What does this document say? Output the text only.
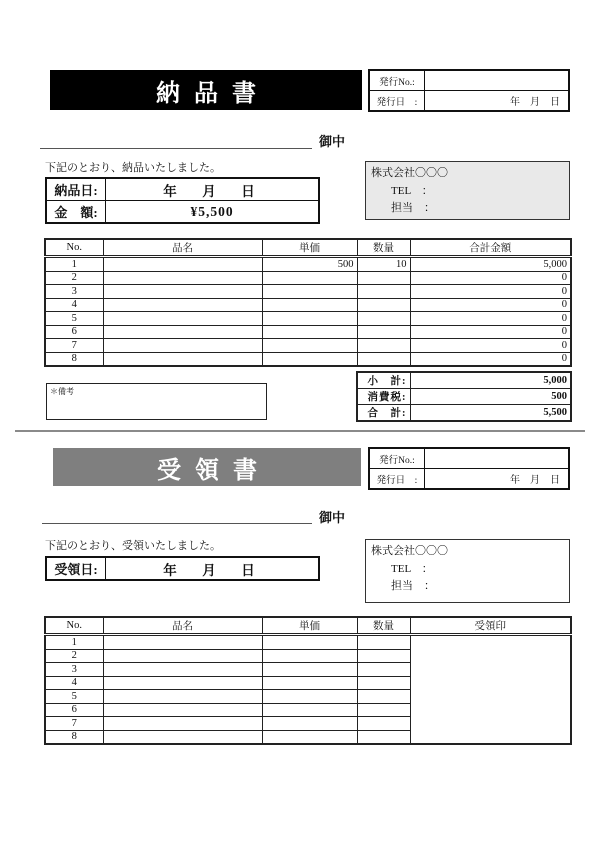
納品書	発行No.:
発行日　:	年　月　日
御中
下記のとおり、納品いたしました。
納品日:	年　月　日
金　額:	¥5,500
株式会社〇〇〇
TEL　：
担当　：
No.	品名	単価	数量	合計金額
1		500	10	5,000
2				0
3				0
4				0
5				0
6				0
7				0
8				0
小　計:	5,000
消費税:	500
合　計:	5,500
＊備考
受領書	発行No.:
発行日　:	年　月　日
御中
下記のとおり、受領いたしました。
受領日:	年　月　日
株式会社〇〇〇
TEL　：
担当　：
No.	品名	単価	数量	受領印
1				
2				
3				
4				
5				
6				
7				
8				
